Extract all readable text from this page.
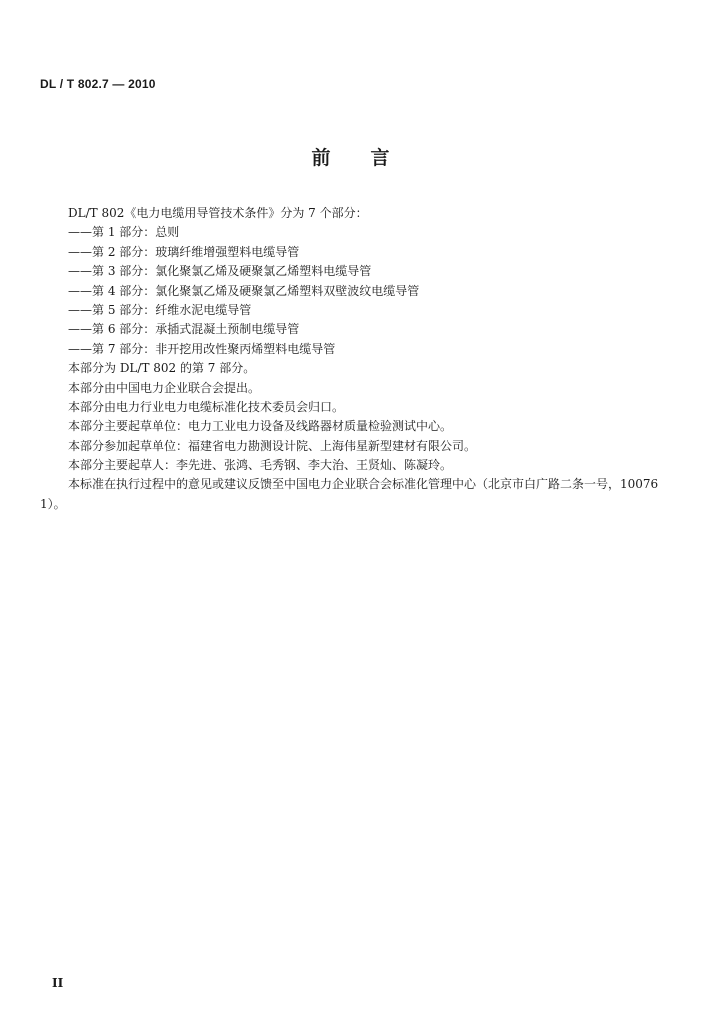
DL / T 802.7 — 2010
前言
DL/T 802《电力电缆用导管技术条件》分为 7 个部分：
——第 1 部分：总则
——第 2 部分：玻璃纤维增强塑料电缆导管
——第 3 部分：氯化聚氯乙烯及硬聚氯乙烯塑料电缆导管
——第 4 部分：氯化聚氯乙烯及硬聚氯乙烯塑料双壁波纹电缆导管
——第 5 部分：纤维水泥电缆导管
——第 6 部分：承插式混凝土预制电缆导管
——第 7 部分：非开挖用改性聚丙烯塑料电缆导管
本部分为 DL/T 802 的第 7 部分。
本部分由中国电力企业联合会提出。
本部分由电力行业电力电缆标准化技术委员会归口。
本部分主要起草单位：电力工业电力设备及线路器材质量检验测试中心。
本部分参加起草单位：福建省电力勘测设计院、上海伟星新型建材有限公司。
本部分主要起草人：李先进、张鸿、毛秀钢、李大治、王贤灿、陈凝玲。
本标准在执行过程中的意见或建议反馈至中国电力企业联合会标准化管理中心（北京市白广路二条一号，100761）。
II
